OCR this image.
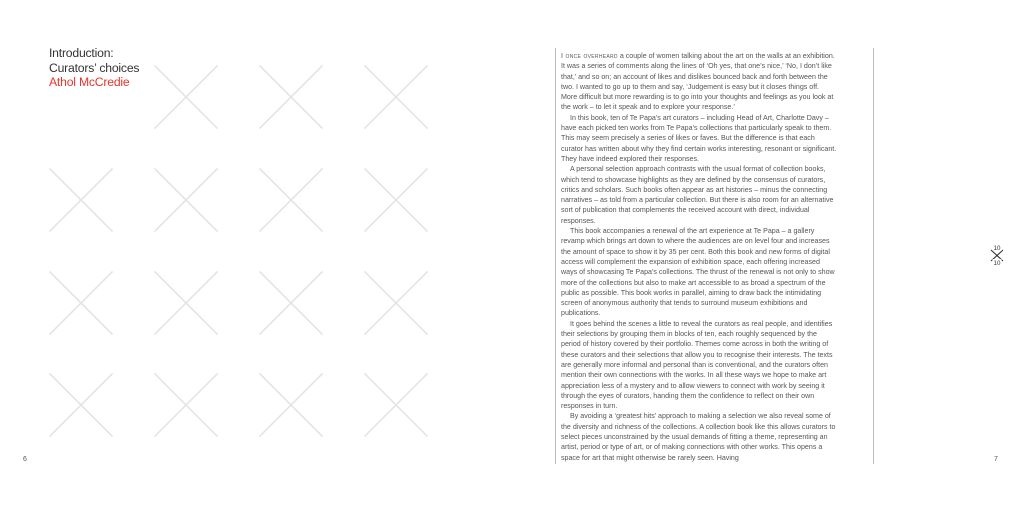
Introduction:
Curators’ choices
Athol McCredie
6

I once overheard a couple of women talking about the art on the walls at an exhibition. It was a series of comments along the lines of ‘Oh yes, that one’s nice,’ ‘No, I don’t like that,’ and so on; an account of likes and dislikes bounced back and forth between the two. I wanted to go up to them and say, ‘Judgement is easy but it closes things off. More difficult but more rewarding is to go into your thoughts and feelings as you look at the work – to let it speak and to explore your response.’

In this book, ten of Te Papa’s art curators – including Head of Art, Charlotte Davy – have each picked ten works from Te Papa’s collections that particularly speak to them. This may seem precisely a series of likes or faves. But the difference is that each curator has written about why they find certain works interesting, resonant or significant. They have indeed explored their responses.

A personal selection approach contrasts with the usual format of collection books, which tend to showcase highlights as they are defined by the consensus of curators, critics and scholars. Such books often appear as art histories – minus the connecting narratives – as told from a particular collection. But there is also room for an alternative sort of publication that complements the received account with direct, individual responses.

This book accompanies a renewal of the art experience at Te Papa – a gallery revamp which brings art down to where the audiences are on level four and increases the amount of space to show it by 35 per cent. Both this book and new forms of digital access will complement the expansion of exhibition space, each offering increased ways of showcasing Te Papa’s collections. The thrust of the renewal is not only to show more of the collections but also to make art accessible to as broad a spectrum of the public as possible. This book works in parallel, aiming to draw back the intimidating screen of anonymous authority that tends to surround museum exhibitions and publications.

It goes behind the scenes a little to reveal the curators as real people, and identifies their selections by grouping them in blocks of ten, each roughly sequenced by the period of history covered by their portfolio. Themes come across in both the writing of these curators and their selections that allow you to recognise their interests. The texts are generally more informal and personal than is conventional, and the curators often mention their own connections with the works. In all these ways we hope to make art appreciation less of a mystery and to allow viewers to connect with work by seeing it through the eyes of curators, handing them the confidence to reflect on their own responses in turn.

By avoiding a ‘greatest hits’ approach to making a selection we also reveal some of the diversity and richness of the collections. A collection book like this allows curators to select pieces unconstrained by the usual demands of fitting a theme, representing an artist, period or type of art, or of making connections with other works. This opens a space for art that might otherwise be rarely seen. Having

10
10
7
